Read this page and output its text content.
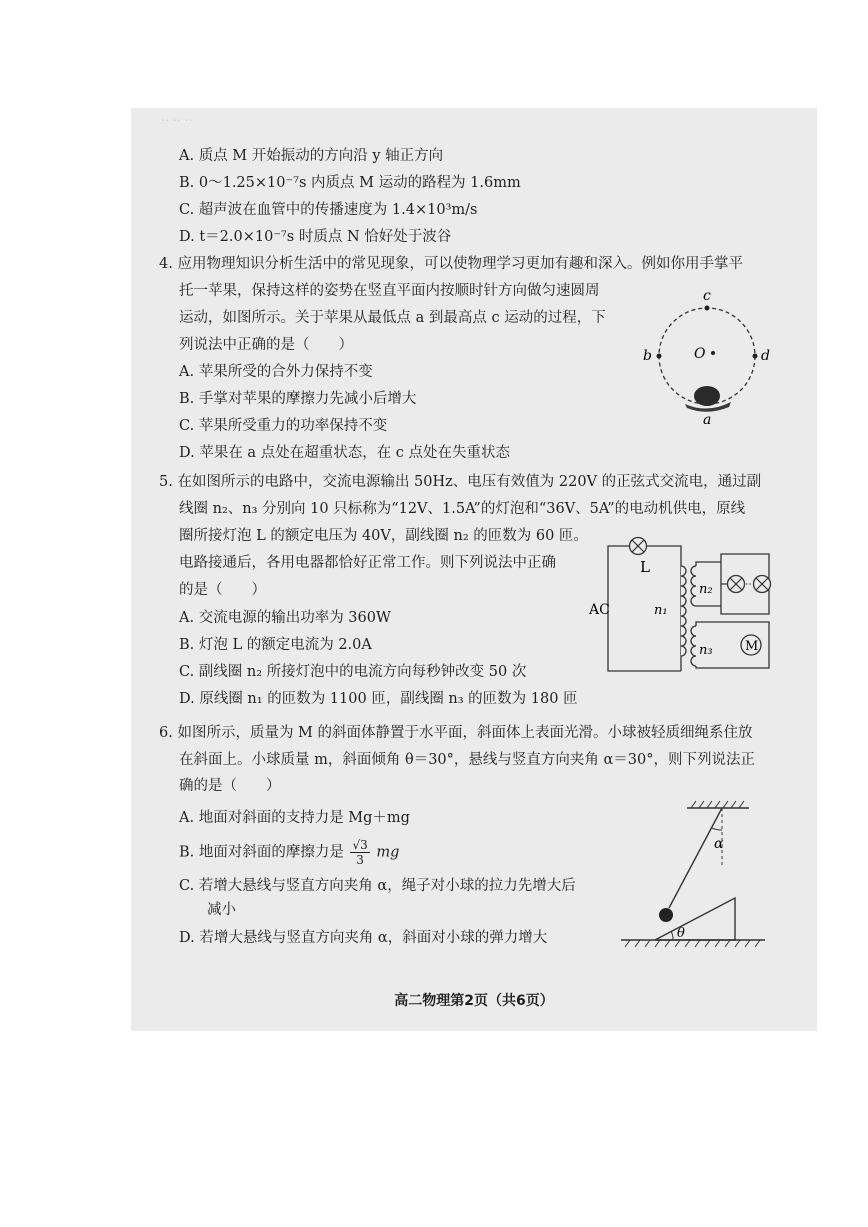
‥ ‥ ‥
A. 质点 M 开始振动的方向沿 y 轴正方向
B. 0～1.25×10⁻⁷s 内质点 M 运动的路程为 1.6mm
C. 超声波在血管中的传播速度为 1.4×10³m/s
D. t＝2.0×10⁻⁷s 时质点 N 恰好处于波谷
4. 应用物理知识分析生活中的常见现象，可以使物理学习更加有趣和深入。例如你用手掌平
托一苹果，保持这样的姿势在竖直平面内按顺时针方向做匀速圆周
运动，如图所示。关于苹果从最低点 a 到最高点 c 运动的过程，下
列说法中正确的是（　　）
A. 苹果所受的合外力保持不变
B. 手掌对苹果的摩擦力先减小后增大
C. 苹果所受重力的功率保持不变
D. 苹果在 a 点处在超重状态，在 c 点处在失重状态
c
d
b	O
a
5. 在如图所示的电路中，交流电源输出 50Hz、电压有效值为 220V 的正弦式交流电，通过副
线圈 n₂、n₃ 分别向 10 只标称为“12V、1.5A”的灯泡和“36V、5A”的电动机供电，原线
圈所接灯泡 L 的额定电压为 40V，副线圈 n₂ 的匝数为 60 匝。
电路接通后，各用电器都恰好正常工作。则下列说法中正确
的是（　　）
A. 交流电源的输出功率为 360W
B. 灯泡 L 的额定电流为 2.0A
C. 副线圈 n₂ 所接灯泡中的电流方向每秒钟改变 50 次
D. 原线圈 n₁ 的匝数为 1100 匝，副线圈 n₃ 的匝数为 180 匝
L
AC	n₁
n₂
n₃ M
6. 如图所示，质量为 M 的斜面体静置于水平面，斜面体上表面光滑。小球被轻质细绳系住放
在斜面上。小球质量 m，斜面倾角 θ＝30°，悬线与竖直方向夹角 α＝30°，则下列说法正
确的是（　　）
A. 地面对斜面的支持力是 Mg＋mg
B. 地面对斜面的摩擦力是 $\frac{√3}{3}$ mg
C. 若增大悬线与竖直方向夹角 α，绳子对小球的拉力先增大后
减小
D. 若增大悬线与竖直方向夹角 α，斜面对小球的弹力增大
α
θ
高二物理第2页（共6页）
